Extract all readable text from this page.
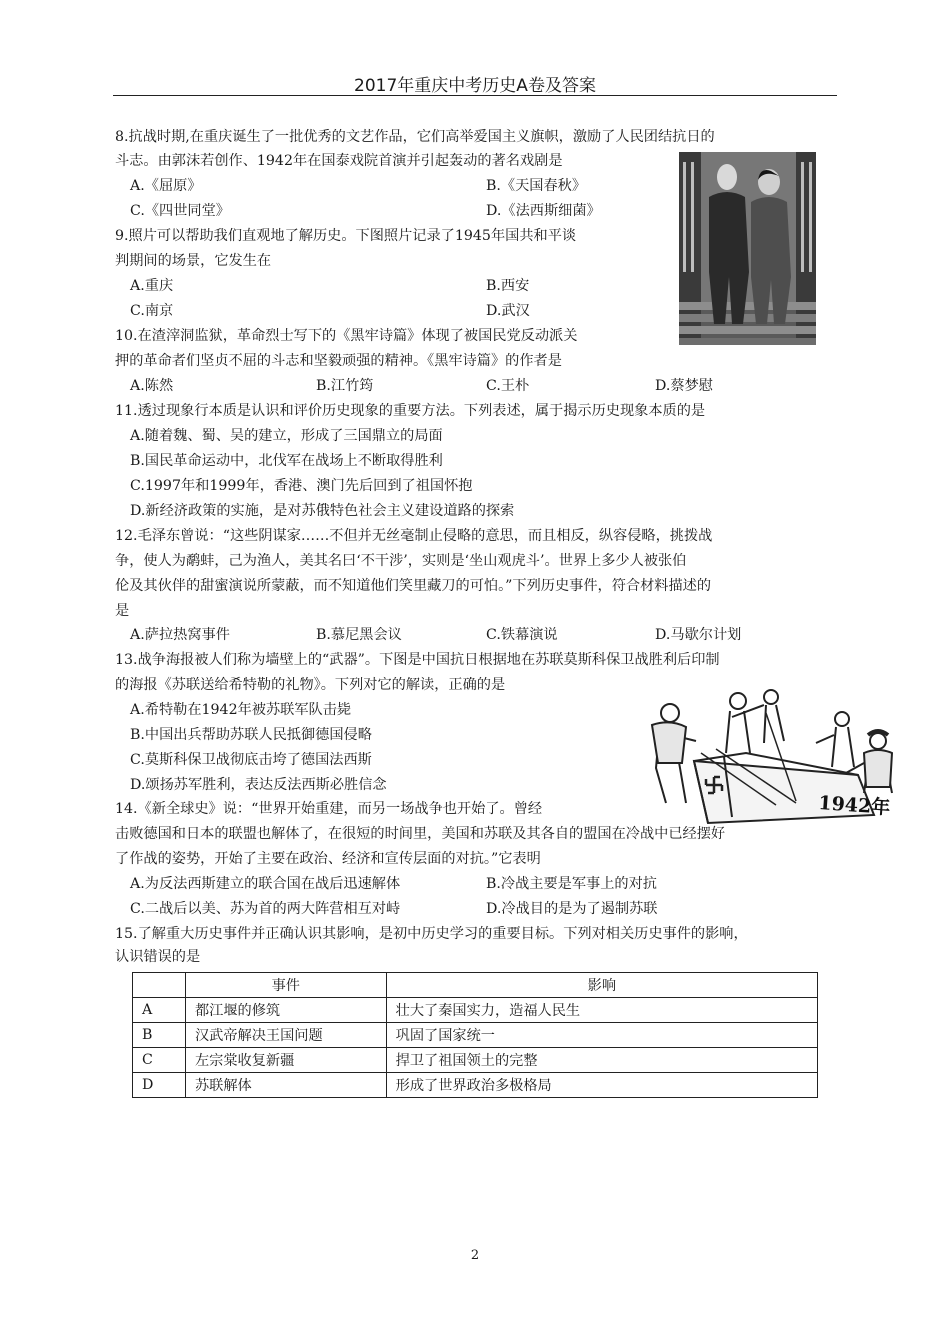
2017年重庆中考历史A卷及答案
8.抗战时期,在重庆诞生了一批优秀的文艺作品，它们高举爱国主义旗帜，激励了人民团结抗日的
斗志。由郭沫若创作、1942年在国泰戏院首演并引起轰动的著名戏剧是
A.《屈原》	B.《天国春秋》
C.《四世同堂》	D.《法西斯细菌》
9.照片可以帮助我们直观地了解历史。下图照片记录了1945年国共和平谈
判期间的场景，它发生在
A.重庆	B.西安
C.南京	D.武汉
10.在渣滓洞监狱，革命烈士写下的《黑牢诗篇》体现了被国民党反动派关
押的革命者们坚贞不屈的斗志和坚毅顽强的精神。《黑牢诗篇》的作者是
A.陈然	B.江竹筠	C.王朴	D.蔡梦慰
11.透过现象行本质是认识和评价历史现象的重要方法。下列表述，属于揭示历史现象本质的是
A.随着魏、蜀、吴的建立，形成了三国鼎立的局面
B.国民革命运动中，北伐军在战场上不断取得胜利
C.1997年和1999年，香港、澳门先后回到了祖国怀抱
D.新经济政策的实施，是对苏俄特色社会主义建设道路的探索
12.毛泽东曾说：“这些阴谋家……不但并无丝毫制止侵略的意思，而且相反，纵容侵略，挑拨战
争，使人为鹬蚌，己为渔人，美其名曰‘不干涉’，实则是‘坐山观虎斗’。世界上多少人被张伯
伦及其伙伴的甜蜜演说所蒙蔽，而不知道他们笑里藏刀的可怕。”下列历史事件，符合材料描述的
是
A.萨拉热窝事件	B.慕尼黑会议	C.铁幕演说	D.马歇尔计划
13.战争海报被人们称为墙壁上的“武器”。下图是中国抗日根据地在苏联莫斯科保卫战胜利后印制
的海报《苏联送给希特勒的礼物》。下列对它的解读，正确的是
A.希特勒在1942年被苏联军队击毙
B.中国出兵帮助苏联人民抵御德国侵略
C.莫斯科保卫战彻底击垮了德国法西斯
D.颂扬苏军胜利，表达反法西斯必胜信念
1942年
14.《新全球史》说：“世界开始重建，而另一场战争也开始了。曾经
击败德国和日本的联盟也解体了，在很短的时间里，美国和苏联及其各自的盟国在冷战中已经摆好
了作战的姿势，开始了主要在政治、经济和宣传层面的对抗。”它表明
A.为反法西斯建立的联合国在战后迅速解体	B.冷战主要是军事上的对抗
C.二战后以美、苏为首的两大阵营相互对峙	D.冷战目的是为了遏制苏联
15.了解重大历史事件并正确认识其影响，是初中历史学习的重要目标。下列对相关历史事件的影响，
认识错误的是
	事件	影响
A	都江堰的修筑	壮大了秦国实力，造福人民生
B	汉武帝解决王国问题	巩固了国家统一
C	左宗棠收复新疆	捍卫了祖国领土的完整
D	苏联解体	形成了世界政治多极格局
2
